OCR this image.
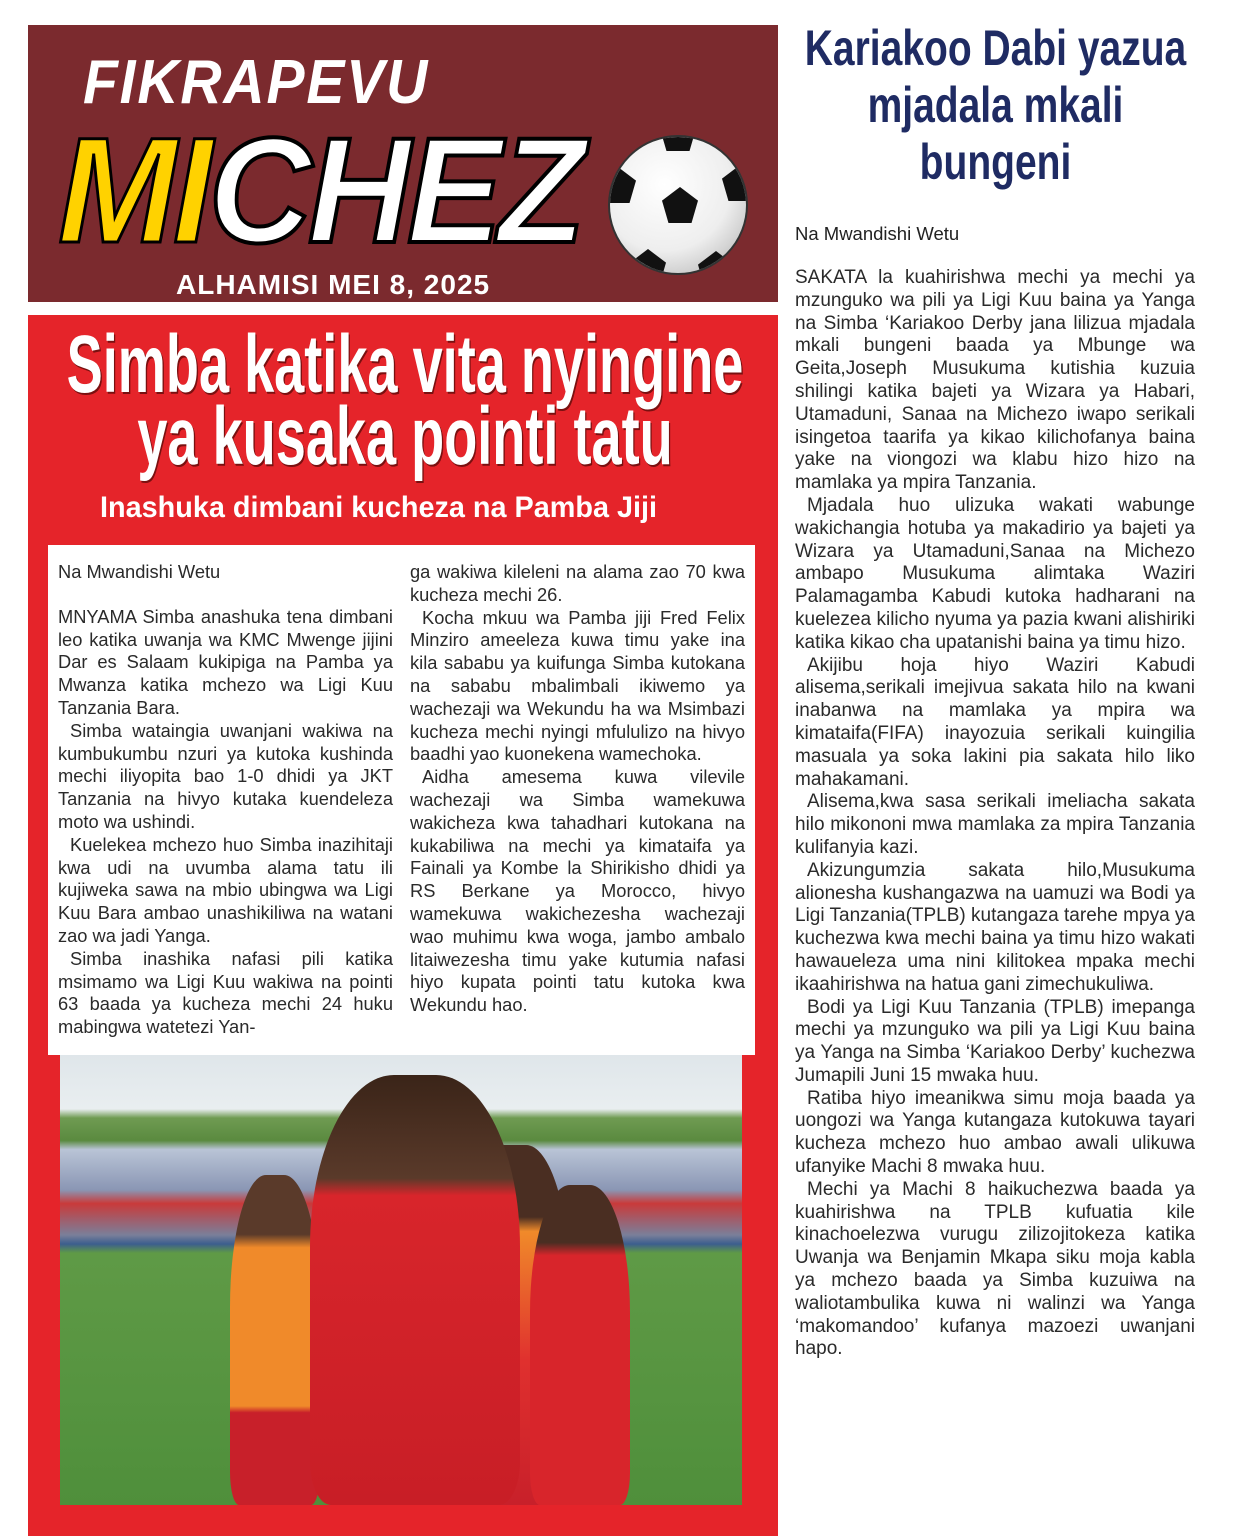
FIKRAPEVU
MICHEZ
ALHAMISI MEI 8, 2025
Simba katika vita nyingine ya kusaka pointi tatu
Inashuka dimbani kucheza na Pamba Jiji
Na Mwandishi Wetu

MNYAMA Simba anashuka tena dimbani leo katika uwanja wa KMC Mwenge jijini Dar es Salaam kukipiga na Pamba ya Mwanza katika mchezo wa Ligi Kuu Tanzania Bara.

Simba wataingia uwanjani wakiwa na kumbukumbu nzuri ya kutoka kushinda mechi iliyopita bao 1-0 dhidi ya JKT Tanzania na hivyo kutaka kuendeleza moto wa ushindi.

Kuelekea mchezo huo Simba inazihitaji kwa udi na uvumba alama tatu ili kujiweka sawa na mbio ubingwa wa Ligi Kuu Bara ambao unashikiliwa na watani zao wa jadi Yanga.

Simba inashika nafasi pili katika msimamo wa Ligi Kuu wakiwa na pointi 63 baada ya kucheza mechi 24 huku mabingwa watetezi Yan-

ga wakiwa kileleni na alama zao 70 kwa kucheza mechi 26.

Kocha mkuu wa Pamba jiji Fred Felix Minziro ameeleza kuwa timu yake ina kila sababu ya kuifunga Simba kutokana na sababu mbalimbali ikiwemo ya wachezaji wa Wekundu ha wa Msimbazi kucheza mechi nyingi mfululizo na hivyo baadhi yao kuonekena wamechoka.

Aidha amesema kuwa vilevile wachezaji wa Simba wamekuwa wakicheza kwa tahadhari kutokana na kukabiliwa na mechi ya kimataifa ya Fainali ya Kombe la Shirikisho dhidi ya RS Berkane ya Morocco, hivyo wamekuwa wakichezesha wachezaji wao muhimu kwa woga, jambo ambalo litaiwezesha timu yake kutumia nafasi hiyo kupata pointi tatu kutoka kwa Wekundu hao.

Kariakoo Dabi yazua mjadala mkali bungeni
Na Mwandishi Wetu

SAKATA la kuahirishwa mechi ya mechi ya mzunguko wa pili ya Ligi Kuu baina ya Yanga na Simba ‘Kariakoo Derby jana lilizua mjadala mkali bungeni baada ya Mbunge wa Geita,Joseph Musukuma kutishia kuzuia shilingi katika bajeti ya Wizara ya Habari, Utamaduni, Sanaa na Michezo iwapo serikali isingetoa taarifa ya kikao kilichofanya baina yake na viongozi wa klabu hizo hizo na mamlaka ya mpira Tanzania.

Mjadala huo ulizuka wakati wabunge wakichangia hotuba ya makadirio ya bajeti ya Wizara ya Utamaduni,Sanaa na Michezo ambapo Musukuma alimtaka Waziri Palamagamba Kabudi kutoka hadharani na kuelezea kilicho nyuma ya pazia kwani alishiriki katika kikao cha upatanishi baina ya timu hizo.

Akijibu hoja hiyo Waziri Kabudi alisema,serikali imejivua sakata hilo na kwani inabanwa na mamlaka ya mpira wa kimataifa(FIFA) inayozuia serikali kuingilia masuala ya soka lakini pia sakata hilo liko mahakamani.

Alisema,kwa sasa serikali imeliacha sakata hilo mikononi mwa mamlaka za mpira Tanzania kulifanyia kazi.

Akizungumzia sakata hilo,Musukuma alionesha kushangazwa na uamuzi wa Bodi ya Ligi Tanzania(TPLB) kutangaza tarehe mpya ya kuchezwa kwa mechi baina ya timu hizo wakati hawaueleza uma nini kilitokea mpaka mechi ikaahirishwa na hatua gani zimechukuliwa.

Bodi ya Ligi Kuu Tanzania (TPLB) imepanga mechi ya mzunguko wa pili ya Ligi Kuu baina ya Yanga na Simba ‘Kariakoo Derby’ kuchezwa Jumapili Juni 15 mwaka huu.

Ratiba hiyo imeanikwa simu moja baada ya uongozi wa Yanga kutangaza kutokuwa tayari kucheza mchezo huo ambao awali ulikuwa ufanyike Machi 8 mwaka huu.

Mechi ya Machi 8 haikuchezwa baada ya kuahirishwa na TPLB kufuatia kile kinachoelezwa vurugu zilizojitokeza katika Uwanja wa Benjamin Mkapa siku moja kabla ya mchezo baada ya Simba kuzuiwa na waliotambulika kuwa ni walinzi wa Yanga ‘makomandoo’ kufanya mazoezi uwanjani hapo.
